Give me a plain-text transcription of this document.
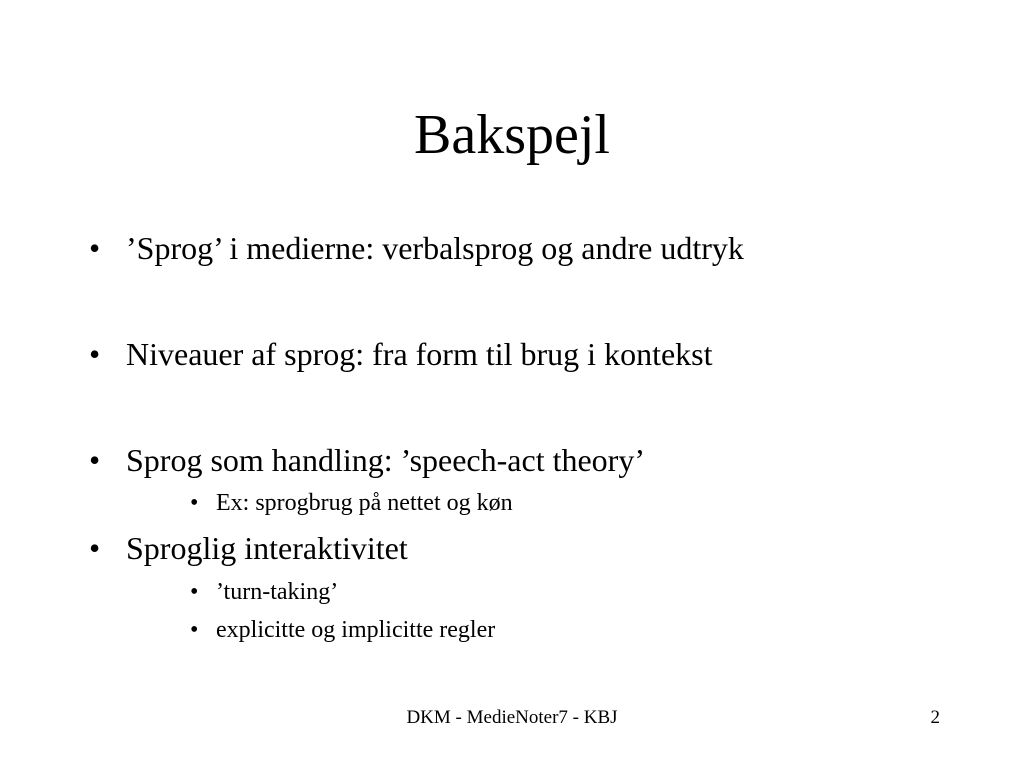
Bakspejl
• ’Sprog’ i medierne: verbalsprog og andre udtryk
• Niveauer af sprog: fra form til brug i kontekst
• Sprog som handling: ’speech-act theory’
• Ex: sprogbrug på nettet og køn
• Sproglig interaktivitet
• ’turn-taking’
• explicitte og implicitte regler
DKM - MedieNoter7 - KBJ	2
